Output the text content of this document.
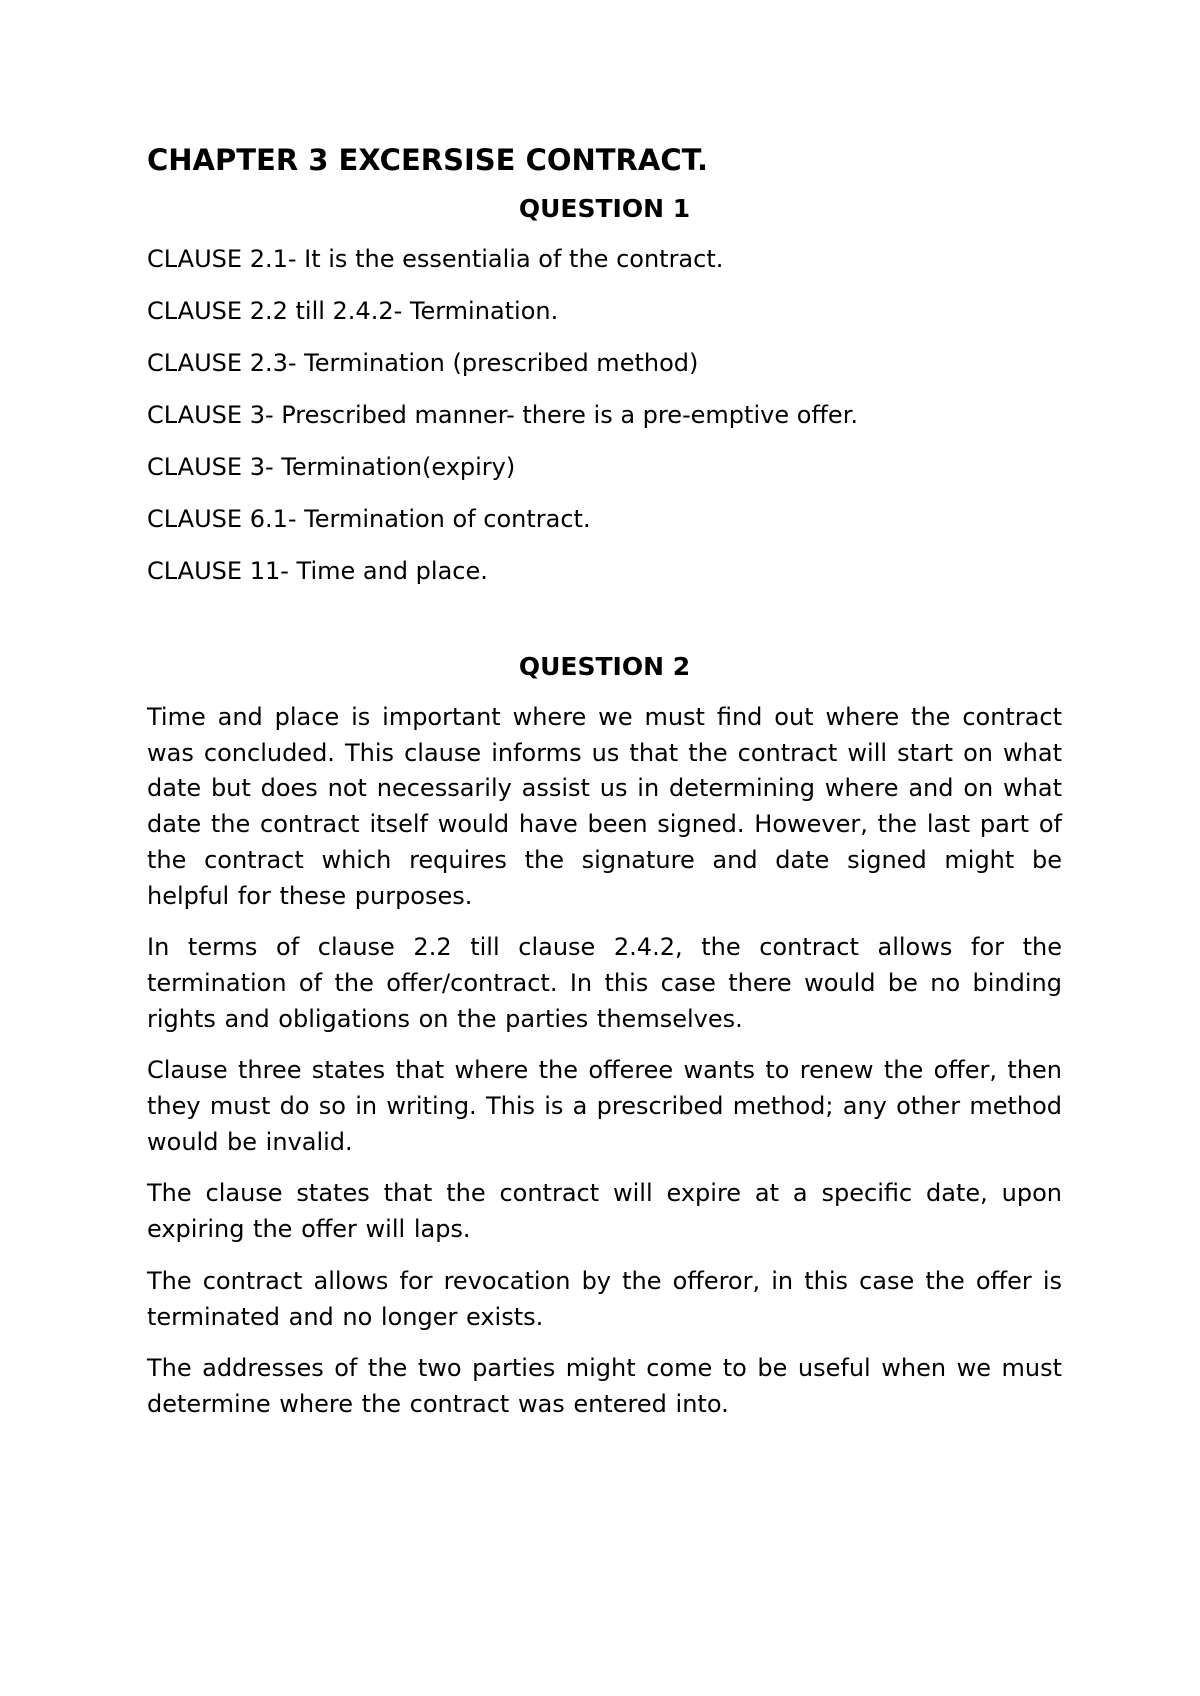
CHAPTER 3 EXCERSISE CONTRACT.
QUESTION 1
CLAUSE 2.1- It is the essentialia of the contract.
CLAUSE 2.2 till 2.4.2- Termination.
CLAUSE 2.3- Termination (prescribed method)
CLAUSE 3- Prescribed manner- there is a pre-emptive offer.
CLAUSE 3- Termination(expiry)
CLAUSE 6.1- Termination of contract.
CLAUSE 11- Time and place.
QUESTION 2

Time and place is important where we must find out where the contract was concluded. This clause informs us that the contract will start on what date but does not necessarily assist us in determining where and on what date the contract itself would have been signed. However, the last part of the contract which requires the signature and date signed might be helpful for these purposes.

In terms of clause 2.2 till clause 2.4.2, the contract allows for the termination of the offer/contract. In this case there would be no binding rights and obligations on the parties themselves.

Clause three states that where the offeree wants to renew the offer, then they must do so in writing. This is a prescribed method; any other method would be invalid.

The clause states that the contract will expire at a specific date, upon expiring the offer will laps.

The contract allows for revocation by the offeror, in this case the offer is terminated and no longer exists.

The addresses of the two parties might come to be useful when we must determine where the contract was entered into.
